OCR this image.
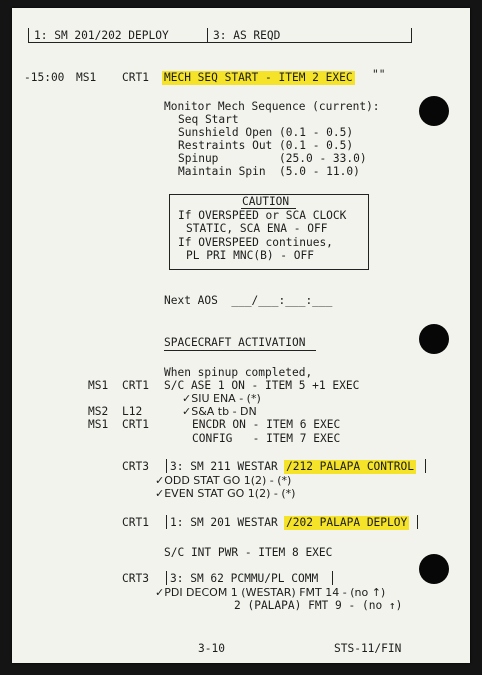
1: SM 201/202 DEPLOY	3: AS REQD
-15:00 MS1 CRT1 MECH SEQ START - ITEM 2 EXEC ""
Monitor Mech Sequence (current):
Seq Start
Sunshield Open (0.1 - 0.5)
Restraints Out (0.1 - 0.5)
Spinup         (25.0 - 33.0)
Maintain Spin  (5.0 - 11.0)
CAUTION
If OVERSPEED or SCA CLOCK
STATIC, SCA ENA - OFF
If OVERSPEED continues,
PL PRI MNC(B) - OFF
Next AOS  ___/___:___:___
SPACECRAFT ACTIVATION
When spinup completed,
MS1 CRT1 S/C ASE 1 ON - ITEM 5 +1 EXEC
✓SIU ENA - (*)
MS2 L12	✓S&A tb - DN
MS1 CRT1	ENCDR ON - ITEM 6 EXEC
CONFIG   - ITEM 7 EXEC
CRT3 3: SM 211 WESTAR /212 PALAPA CONTROL
✓ODD STAT GO 1(2) - (*)
✓EVEN STAT GO 1(2) - (*)
CRT1 1: SM 201 WESTAR /202 PALAPA DEPLOY
S/C INT PWR - ITEM 8 EXEC
CRT3 3: SM 62 PCMMU/PL COMM
✓PDI DECOM 1 (WESTAR) FMT 14 - (no ↑)
2 (PALAPA) FMT 9 - (no ↑)
3-10	STS-11/FIN
